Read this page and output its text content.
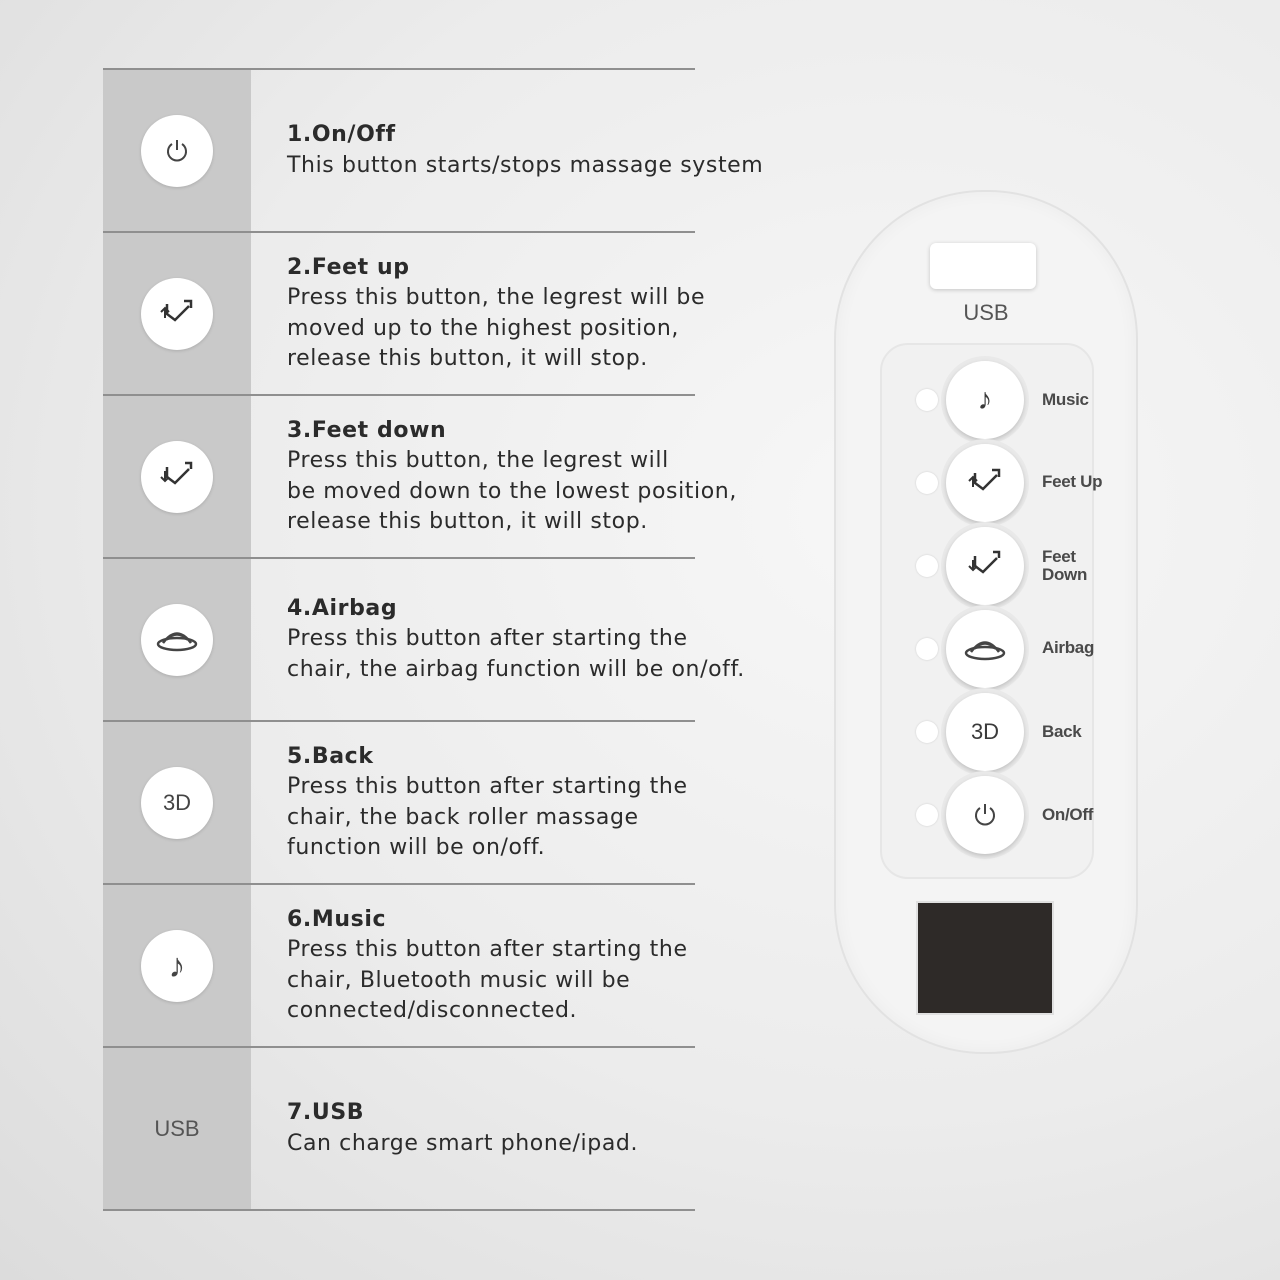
1.On/Off
This button starts/stops massage system
2.Feet up
Press this button, the legrest will be
moved up to the highest position,
release this button, it will stop.
3.Feet down
Press this button, the legrest will
be moved down to the lowest position,
release this button, it will stop.
4.Airbag
Press this button after starting the
chair, the airbag function will be on/off.
3D
5.Back
Press this button after starting the
chair, the back roller massage
function will be on/off.
♪
6.Music
Press this button after starting the
chair, Bluetooth music will be
connected/disconnected.
USB
7.USB
Can charge smart phone/ipad.
USB
♪	Music
Feet Up
Feet
Down
Airbag
3D	Back
On/Off
